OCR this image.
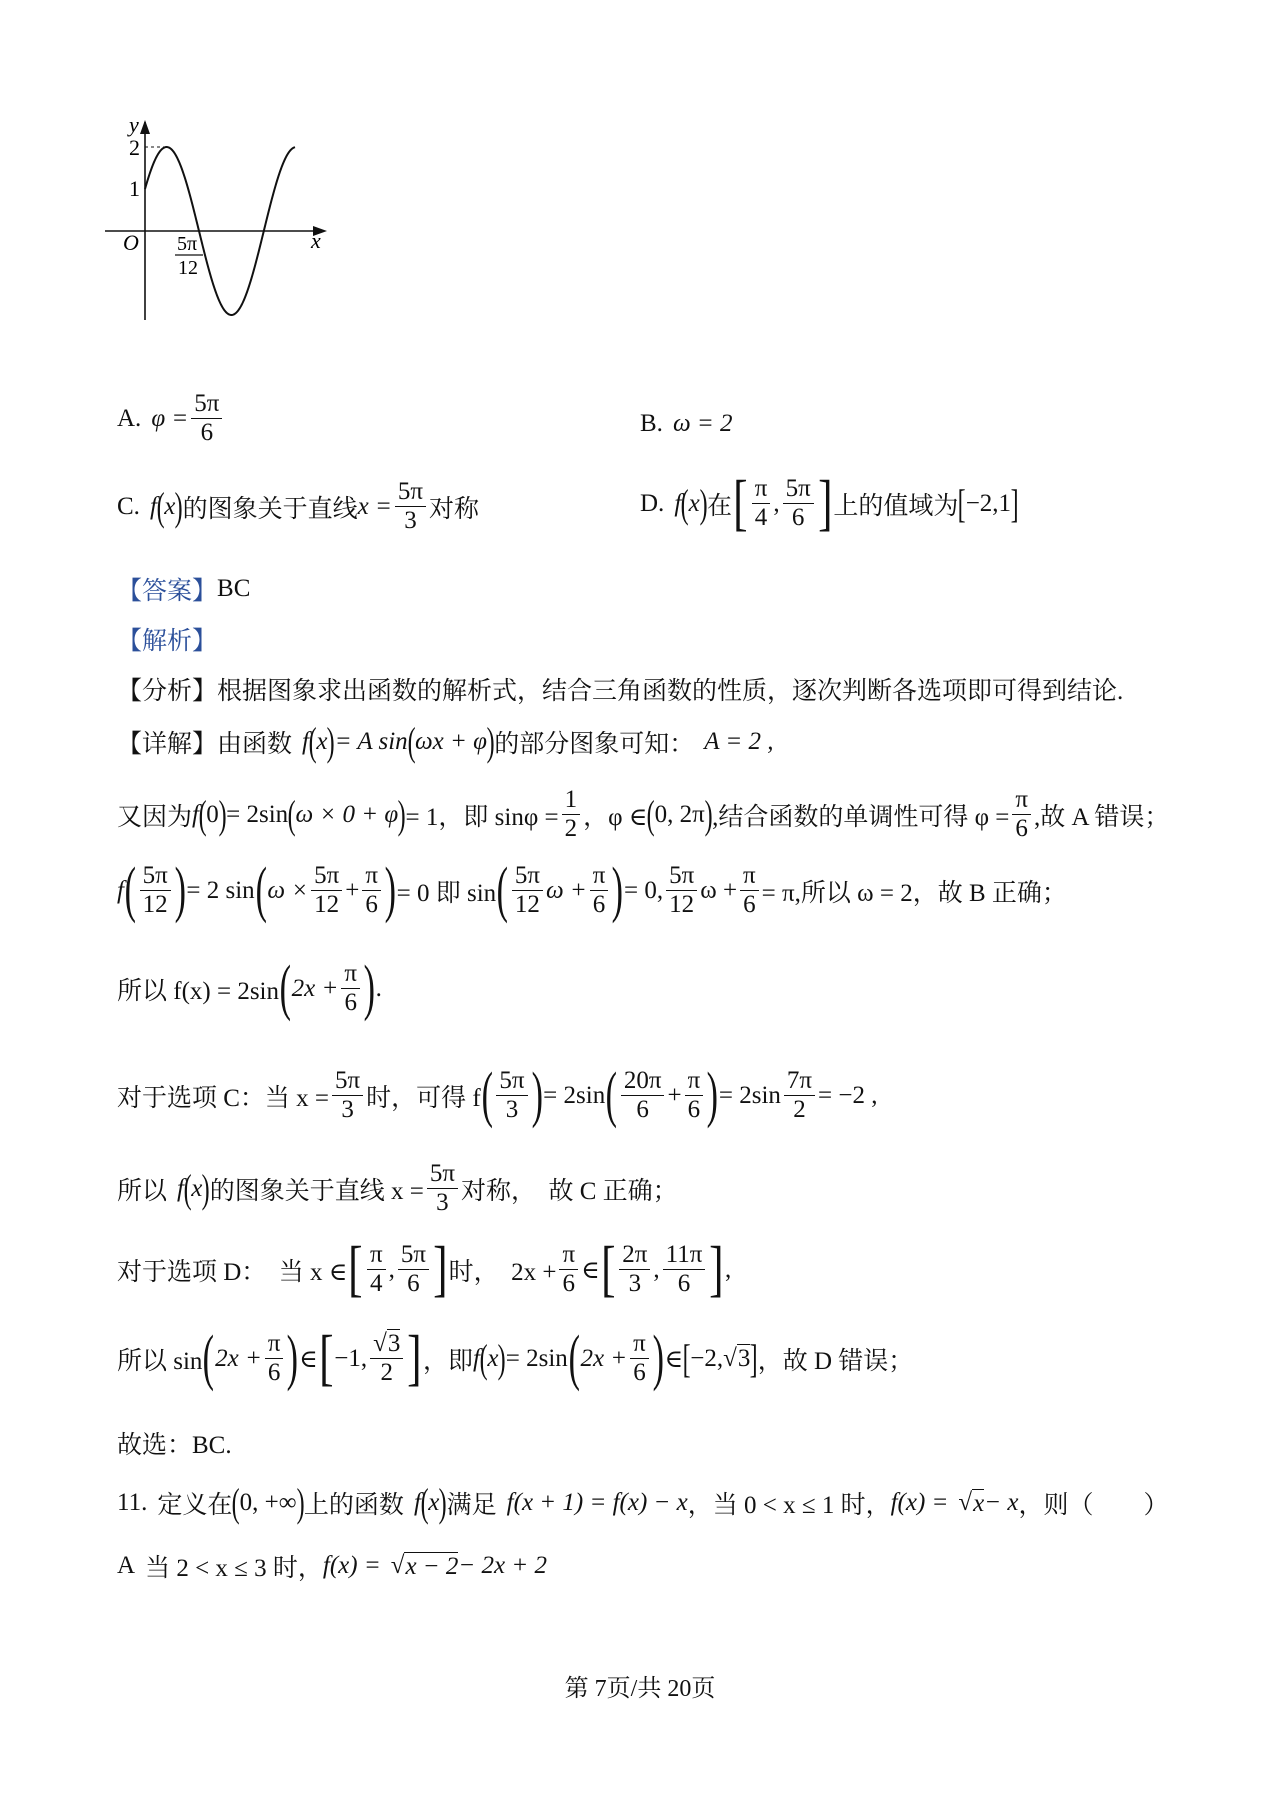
y
x
O
2
1
5π
12
A. $\varphi = \frac{5\pi}{6}$	B. ω = 2
C. f ( x ) 的图象关于直线 $x = \frac{5\pi}{3}$ 对称	D. f ( x ) 在 [ $\frac{\pi}{4}$ , $\frac{5\pi}{6}$ ] 上的值域为 [ −2,1 ]
【答案】 BC
【解析】
【分析】 根据图象求出函数的解析式，结合三角函数的性质，逐次判断各选项即可得到结论.
【详解】 由函数 f ( x ) = A sin ( ωx + φ ) 的部分图象可知： A = 2 ,
又因为 f ( 0 ) = 2sin ( ω × 0 + φ ) = 1，即 $\sin\varphi = \frac{1}{2}$ ，φ ∈ ( 0, 2π ) ,结合函数的单调性可得 $\varphi = \frac{\pi}{6}$ ,故 A 错误；
f ( $\frac{5\pi}{12}$ ) = 2 sin ( $\omega \times \frac{5\pi}{12} + \frac{\pi}{6}$ ) = 0 即 sin ( $\frac{5\pi}{12}$ $\omega + \frac{\pi}{6}$ ) = 0, $\frac{5\pi}{12}$ $\omega + \frac{\pi}{6} = \pi$,所以 ω = 2，故 B 正确；
所以 f(x) = 2sin ( $2x + \frac{\pi}{6}$ ) .
对于选项 C：当 $x = \frac{5\pi}{3}$ 时，可得 f ( $\frac{5\pi}{3}$ ) = 2sin ( $\frac{20\pi}{6} + \frac{\pi}{6}$ ) = $2\sin \frac{7\pi}{2} = -2$ ,
所以 f ( x ) 的图象关于直线 $x = \frac{5\pi}{3}$ 对称，　故 C 正确；
对于选项 D：　当 x ∈ [ $\frac{\pi}{4}$ , $\frac{5\pi}{6}$ ] 时，　$2x + \frac{\pi}{6}$ ∈ [ $\frac{2\pi}{3}$ , $\frac{11\pi}{6}$ ] ,
所以 sin ( $2x + \frac{\pi}{6}$ ) ∈ [ −1, $\frac{√3}{2}$ ] ，即 f ( x ) = 2sin ( $2x + \frac{\pi}{6}$ ) ∈ [ −2, √ 3 ] ，故 D 错误；
故选：BC.
11. 定义在 ( 0, +∞ ) 上的函数 f ( x ) 满足 f(x + 1) = f(x) − x ，当 0 < x ≤ 1 时， f(x) = √ x − x ，则（　　）
A 当 2 < x ≤ 3 时， f(x) = √ x − 2 − 2x + 2
第 7页/共 20页
